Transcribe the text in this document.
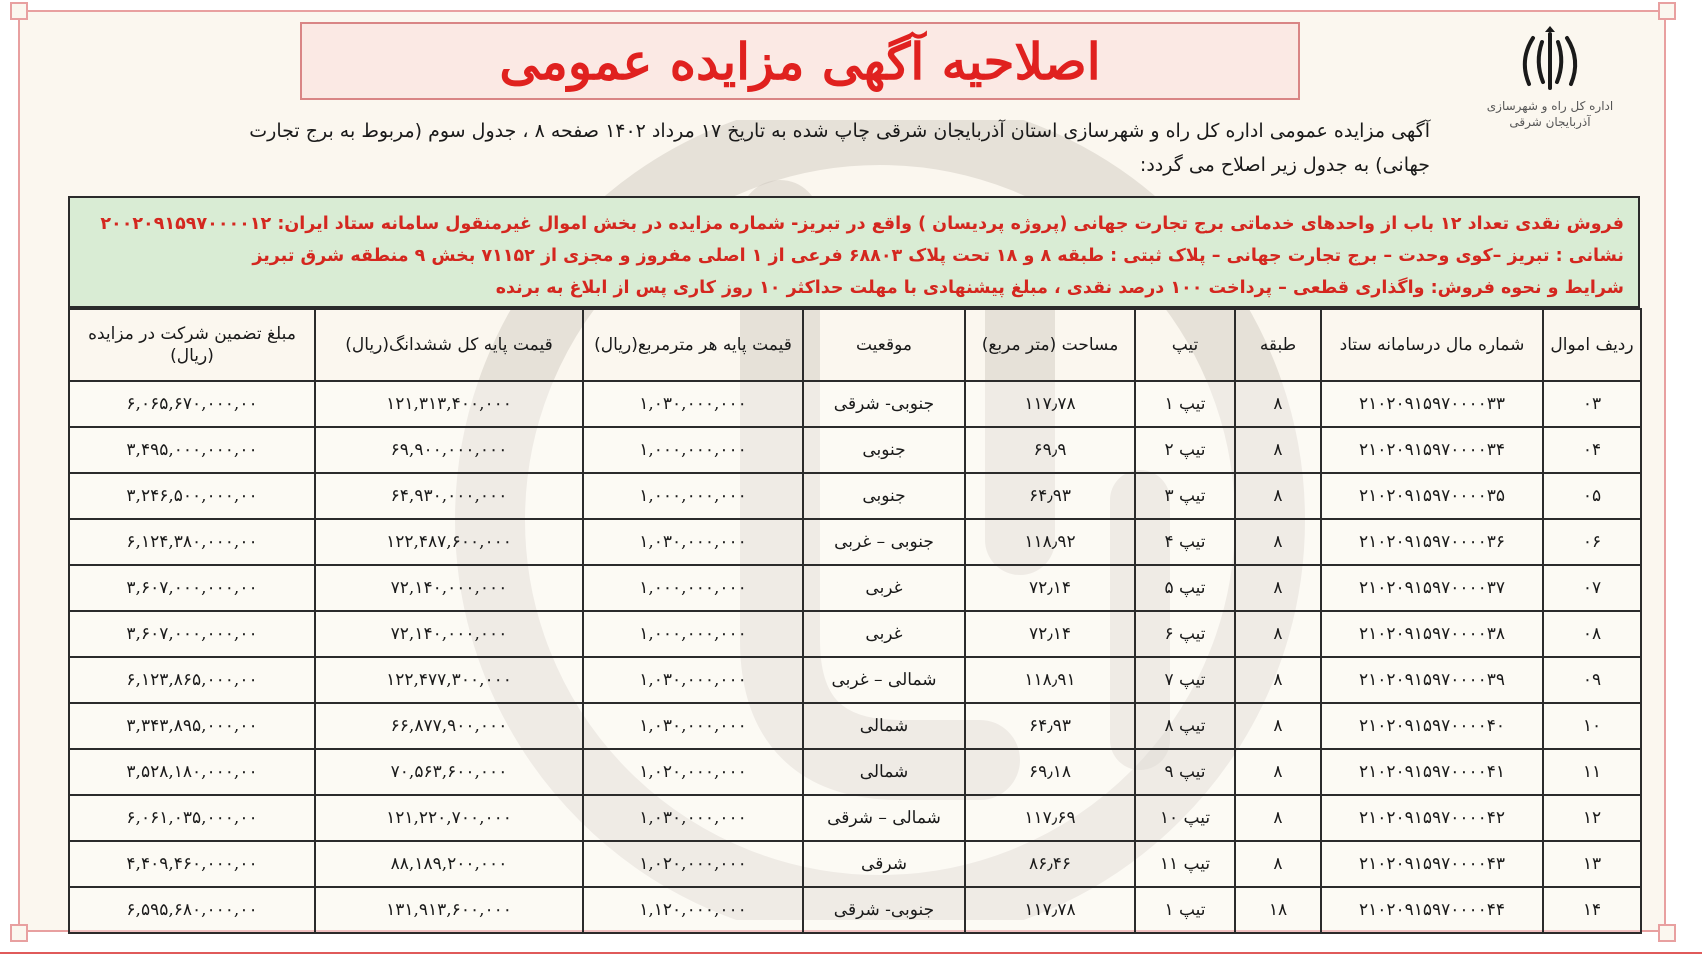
اصلاحیه آگهی مزایده عمومی
اداره کل راه و شهرسازی
آذربایجان شرقی
آگهی مزایده عمومی اداره کل راه و شهرسازی استان آذربایجان شرقی چاپ شده به تاریخ ۱۷ مرداد ۱۴۰۲ صفحه ۸ ، جدول سوم (مربوط به برج تجارت
جهانی) به جدول زیر اصلاح می گردد:
فروش نقدی تعداد ۱۲ باب از واحدهای خدماتی برج تجارت جهانی (پروژه پردیسان ) واقع در تبریز- شماره مزایده در بخش اموال غیرمنقول سامانه ستاد ایران: ۲۰۰۲۰۹۱۵۹۷۰۰۰۰۱۲
نشانی : تبریز –کوی وحدت – برج تجارت جهانی – پلاک ثبتی : طبقه ۸ و ۱۸ تحت پلاک ۶۸۸۰۳ فرعی از ۱ اصلی مفروز و مجزی از ۷۱۱۵۲ بخش ۹ منطقه شرق تبریز
شرایط و نحوه فروش: واگذاری قطعی – پرداخت ۱۰۰ درصد نقدی ، مبلغ پیشنهادی با مهلت حداکثر ۱۰ روز کاری پس از ابلاغ به برنده
ردیف اموال	شماره مال درسامانه ستاد	طبقه	تیپ	مساحت (متر مربع)	موقعیت	قیمت پایه هر مترمربع(ریال)	قیمت پایه کل ششدانگ(ریال)	مبلغ تضمین شرکت در مزایده (ریال)
۰۳	۲۱۰۲۰۹۱۵۹۷۰۰۰۰۳۳	۸	تیپ ۱	۱۱۷٫۷۸	جنوبی- شرقی	۱,۰۳۰,۰۰۰,۰۰۰	۱۲۱,۳۱۳,۴۰۰,۰۰۰	۶,۰۶۵,۶۷۰,۰۰۰,۰۰
۰۴	۲۱۰۲۰۹۱۵۹۷۰۰۰۰۳۴	۸	تیپ ۲	۶۹٫۹	جنوبی	۱,۰۰۰,۰۰۰,۰۰۰	۶۹,۹۰۰,۰۰۰,۰۰۰	۳,۴۹۵,۰۰۰,۰۰۰,۰۰
۰۵	۲۱۰۲۰۹۱۵۹۷۰۰۰۰۳۵	۸	تیپ ۳	۶۴٫۹۳	جنوبی	۱,۰۰۰,۰۰۰,۰۰۰	۶۴,۹۳۰,۰۰۰,۰۰۰	۳,۲۴۶,۵۰۰,۰۰۰,۰۰
۰۶	۲۱۰۲۰۹۱۵۹۷۰۰۰۰۳۶	۸	تیپ ۴	۱۱۸٫۹۲	جنوبی – غربی	۱,۰۳۰,۰۰۰,۰۰۰	۱۲۲,۴۸۷,۶۰۰,۰۰۰	۶,۱۲۴,۳۸۰,۰۰۰,۰۰
۰۷	۲۱۰۲۰۹۱۵۹۷۰۰۰۰۳۷	۸	تیپ ۵	۷۲٫۱۴	غربی	۱,۰۰۰,۰۰۰,۰۰۰	۷۲,۱۴۰,۰۰۰,۰۰۰	۳,۶۰۷,۰۰۰,۰۰۰,۰۰
۰۸	۲۱۰۲۰۹۱۵۹۷۰۰۰۰۳۸	۸	تیپ ۶	۷۲٫۱۴	غربی	۱,۰۰۰,۰۰۰,۰۰۰	۷۲,۱۴۰,۰۰۰,۰۰۰	۳,۶۰۷,۰۰۰,۰۰۰,۰۰
۰۹	۲۱۰۲۰۹۱۵۹۷۰۰۰۰۳۹	۸	تیپ ۷	۱۱۸٫۹۱	شمالی – غربی	۱,۰۳۰,۰۰۰,۰۰۰	۱۲۲,۴۷۷,۳۰۰,۰۰۰	۶,۱۲۳,۸۶۵,۰۰۰,۰۰
۱۰	۲۱۰۲۰۹۱۵۹۷۰۰۰۰۴۰	۸	تیپ ۸	۶۴٫۹۳	شمالی	۱,۰۳۰,۰۰۰,۰۰۰	۶۶,۸۷۷,۹۰۰,۰۰۰	۳,۳۴۳,۸۹۵,۰۰۰,۰۰
۱۱	۲۱۰۲۰۹۱۵۹۷۰۰۰۰۴۱	۸	تیپ ۹	۶۹٫۱۸	شمالی	۱,۰۲۰,۰۰۰,۰۰۰	۷۰,۵۶۳,۶۰۰,۰۰۰	۳,۵۲۸,۱۸۰,۰۰۰,۰۰
۱۲	۲۱۰۲۰۹۱۵۹۷۰۰۰۰۴۲	۸	تیپ ۱۰	۱۱۷٫۶۹	شمالی – شرقی	۱,۰۳۰,۰۰۰,۰۰۰	۱۲۱,۲۲۰,۷۰۰,۰۰۰	۶,۰۶۱,۰۳۵,۰۰۰,۰۰
۱۳	۲۱۰۲۰۹۱۵۹۷۰۰۰۰۴۳	۸	تیپ ۱۱	۸۶٫۴۶	شرقی	۱,۰۲۰,۰۰۰,۰۰۰	۸۸,۱۸۹,۲۰۰,۰۰۰	۴,۴۰۹,۴۶۰,۰۰۰,۰۰
۱۴	۲۱۰۲۰۹۱۵۹۷۰۰۰۰۴۴	۱۸	تیپ ۱	۱۱۷٫۷۸	جنوبی- شرقی	۱,۱۲۰,۰۰۰,۰۰۰	۱۳۱,۹۱۳,۶۰۰,۰۰۰	۶,۵۹۵,۶۸۰,۰۰۰,۰۰
